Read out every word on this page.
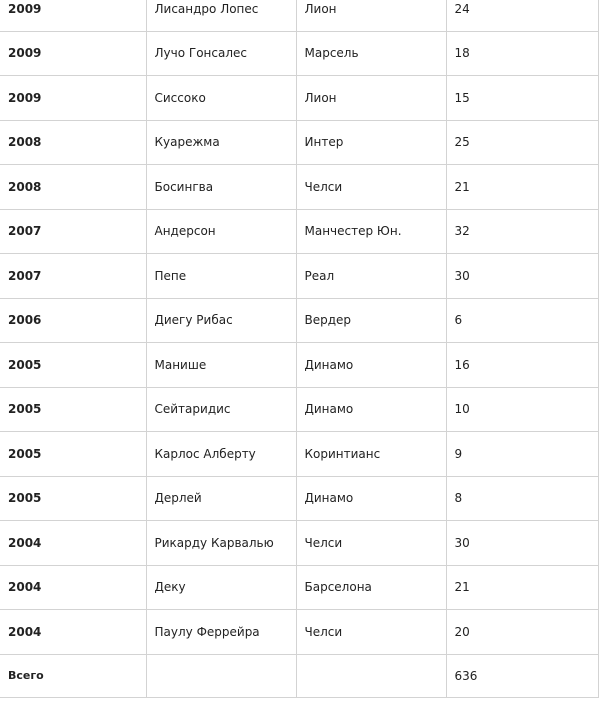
2009	Лисандро Лопес	Лион	24
2009	Лучо Гонсалес	Марсель	18
2009	Сиссоко	Лион	15
2008	Куарежма	Интер	25
2008	Босингва	Челси	21
2007	Андерсон	Манчестер Юн.	32
2007	Пепе	Реал	30
2006	Диегу Рибас	Вердер	6
2005	Манише	Динамо	16
2005	Сейтаридис	Динамо	10
2005	Карлос Алберту	Коринтианс	9
2005	Дерлей	Динамо	8
2004	Рикарду Карвалью	Челси	30
2004	Деку	Барселона	21
2004	Паулу Феррейра	Челси	20
Всего			636
